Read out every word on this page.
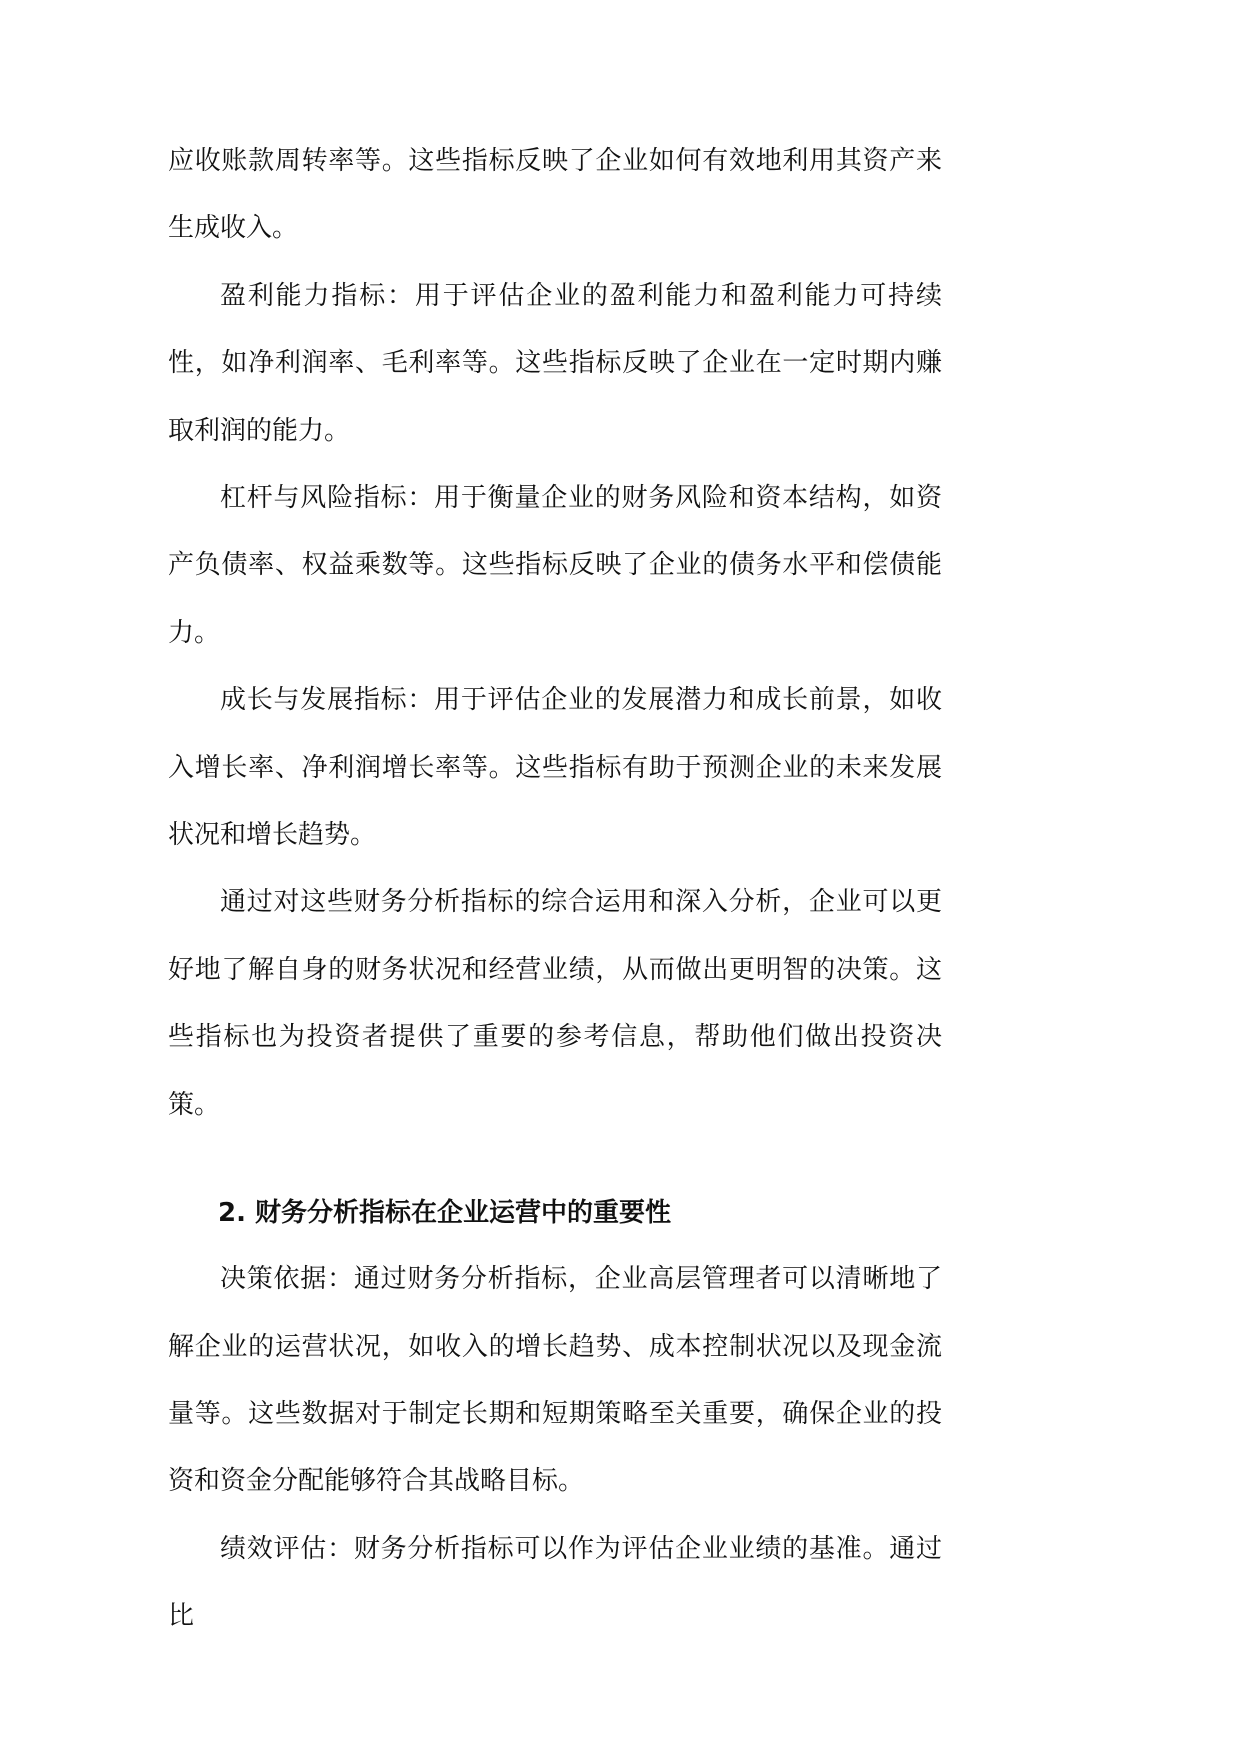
应收账款周转率等。这些指标反映了企业如何有效地利用其资产来生成收入。

盈利能力指标：用于评估企业的盈利能力和盈利能力可持续性，如净利润率、毛利率等。这些指标反映了企业在一定时期内赚取利润的能力。

杠杆与风险指标：用于衡量企业的财务风险和资本结构，如资产负债率、权益乘数等。这些指标反映了企业的债务水平和偿债能力。

成长与发展指标：用于评估企业的发展潜力和成长前景，如收入增长率、净利润增长率等。这些指标有助于预测企业的未来发展状况和增长趋势。

通过对这些财务分析指标的综合运用和深入分析，企业可以更好地了解自身的财务状况和经营业绩，从而做出更明智的决策。这些指标也为投资者提供了重要的参考信息，帮助他们做出投资决策。

2. 财务分析指标在企业运营中的重要性

决策依据：通过财务分析指标，企业高层管理者可以清晰地了解企业的运营状况，如收入的增长趋势、成本控制状况以及现金流量等。这些数据对于制定长期和短期策略至关重要，确保企业的投资和资金分配能够符合其战略目标。

绩效评估：财务分析指标可以作为评估企业业绩的基准。通过比
